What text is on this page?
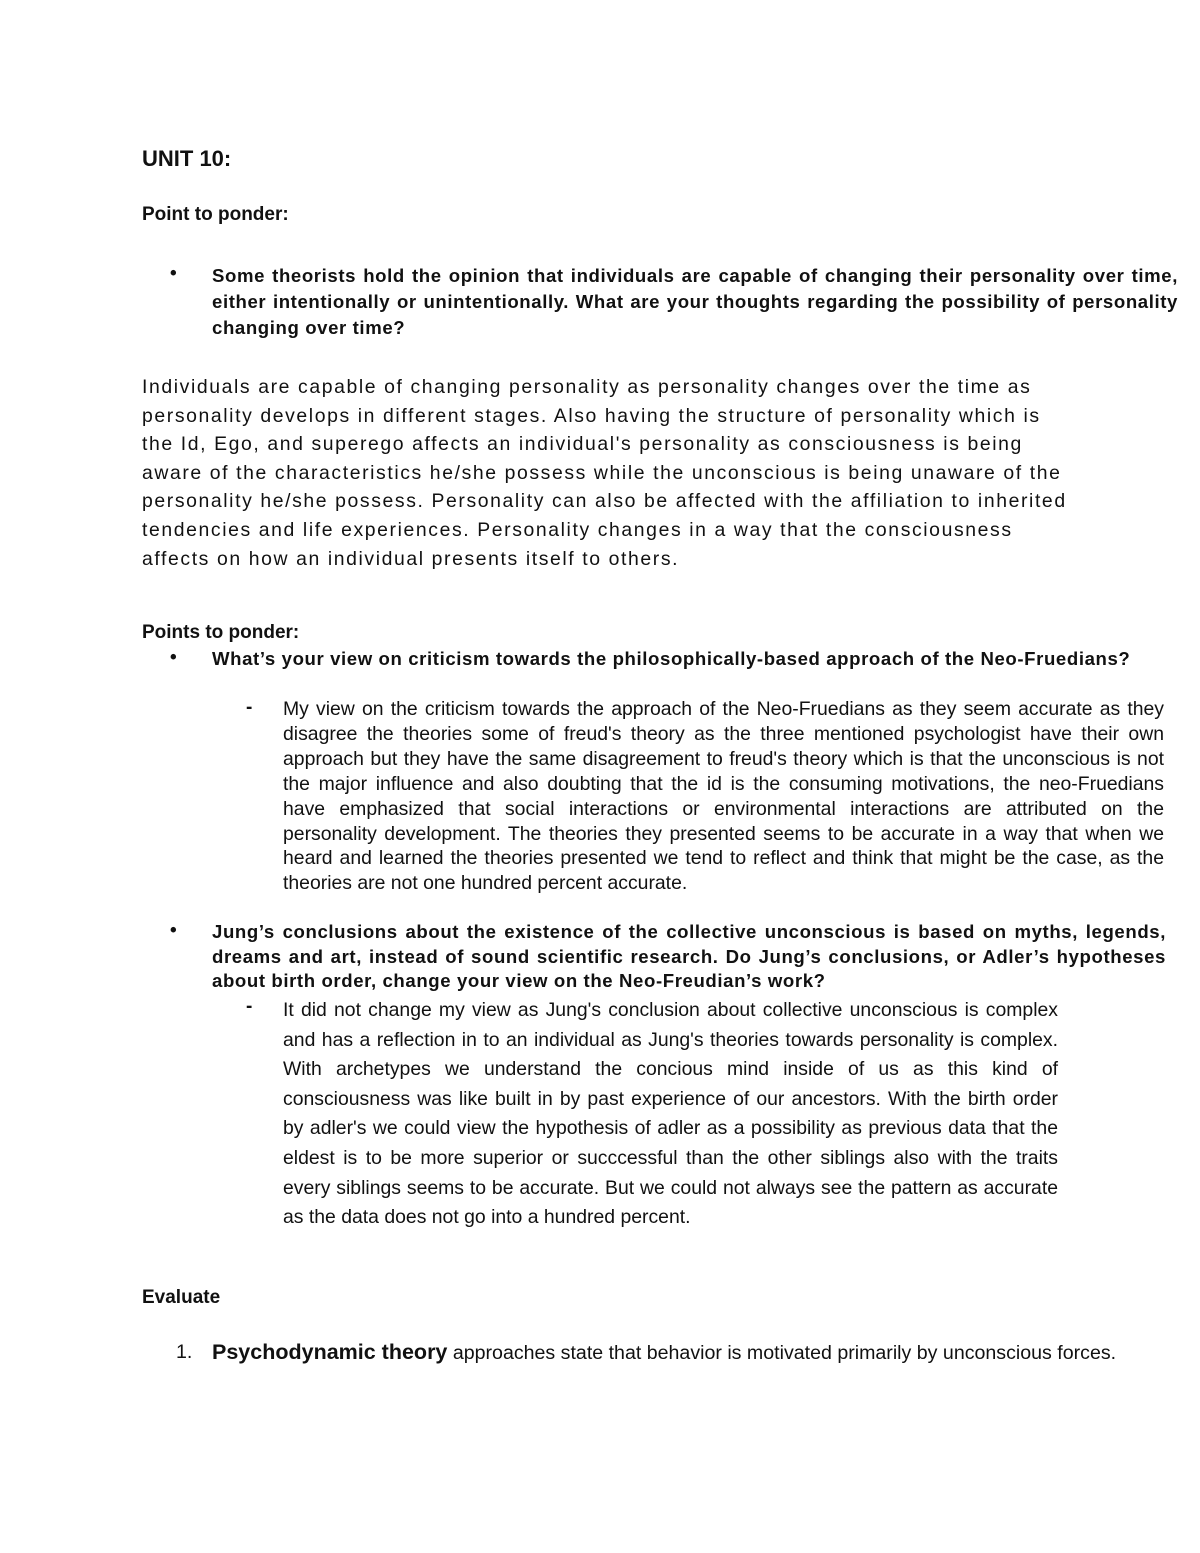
UNIT 10:
Point to ponder:
• Some theorists hold the opinion that individuals are capable of changing their personality over time, either intentionally or unintentionally. What are your thoughts regarding the possibility of personality changing over time?

Individuals are capable of changing personality as personality changes over the time as personality develops in different stages. Also having the structure of personality which is the Id, Ego, and superego affects an individual's personality as consciousness is being aware of the characteristics he/she possess while the unconscious is being unaware of the personality he/she possess. Personality can also be affected with the affiliation to inherited tendencies and life experiences. Personality changes in a way that the consciousness affects on how an individual presents itself to others.

Points to ponder:
• What’s your view on criticism towards the philosophically-based approach of the Neo-Fruedians?
- My view on the criticism towards the approach of the Neo-Fruedians as they seem accurate as they disagree the theories some of freud's theory as the three mentioned psychologist have their own approach but they have the same disagreement to freud's theory which is that the unconscious is not the major influence and also doubting that the id is the consuming motivations, the neo-Fruedians have emphasized that social interactions or environmental interactions are attributed on the personality development. The theories they presented seems to be accurate in a way that when we heard and learned the theories presented we tend to reflect and think that might be the case, as the theories are not one hundred percent accurate.
• Jung’s conclusions about the existence of the collective unconscious is based on myths, legends, dreams and art, instead of sound scientific research. Do Jung’s conclusions, or Adler’s hypotheses about birth order, change your view on the Neo-Freudian’s work?
- It did not change my view as Jung's conclusion about collective unconscious is complex and has a reflection in to an individual as Jung's theories towards personality is complex. With archetypes we understand the concious mind inside of us as this kind of consciousness was like built in by past experience of our ancestors. With the birth order by adler's we could view the hypothesis of adler as a possibility as previous data that the eldest is to be more superior or succcessful than the other siblings also with the traits every siblings seems to be accurate. But we could not always see the pattern as accurate as the data does not go into a hundred percent.
Evaluate
1. Psychodynamic theory approaches state that behavior is motivated primarily by unconscious forces.
